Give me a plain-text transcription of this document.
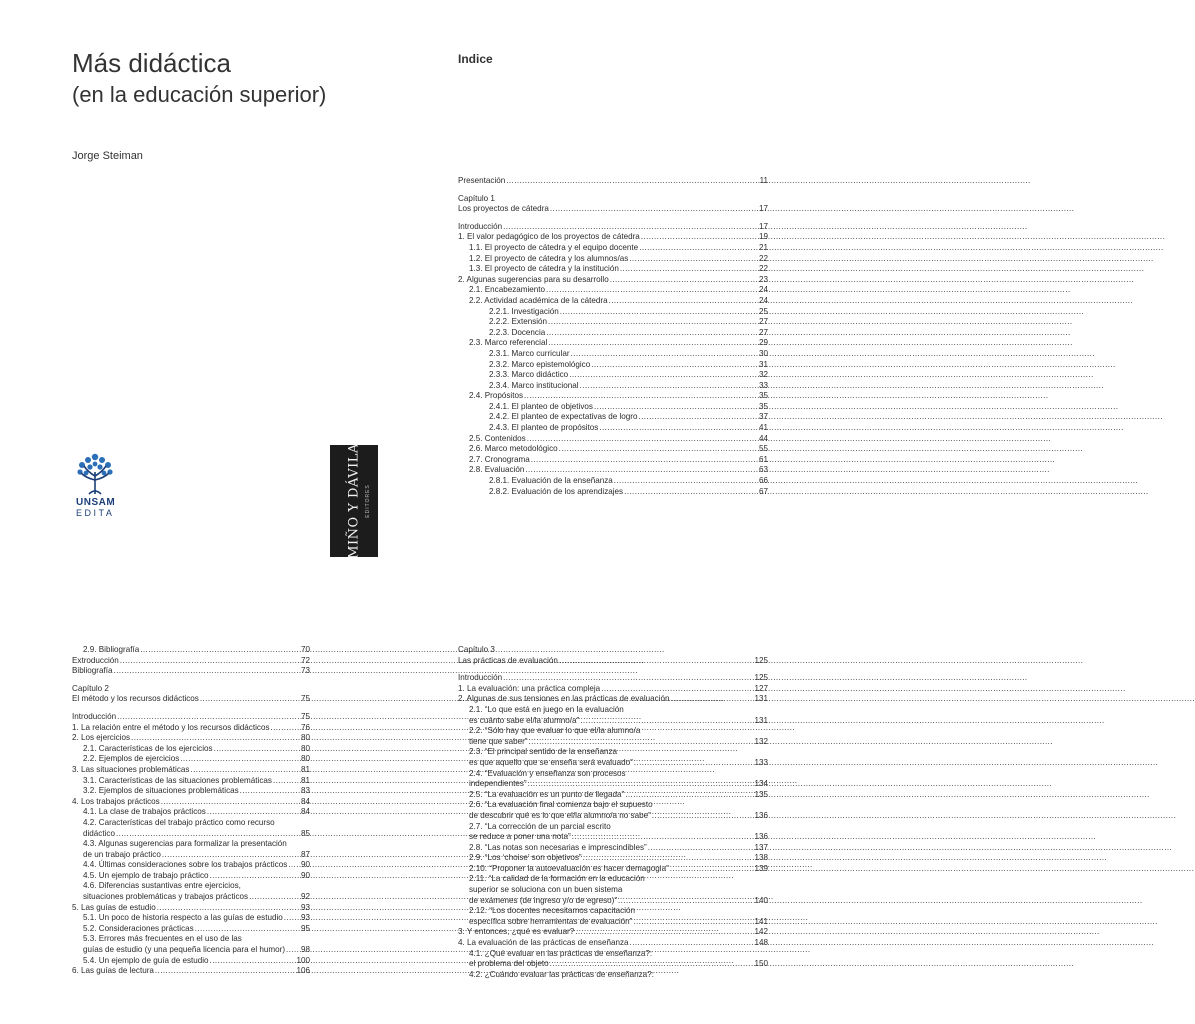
Más didáctica
(en la educación superior)
Jorge Steiman
UNSAM
EDITA	MIÑO Y DÁVILA EDITORES
Indice
Presentación .....	11
Capítulo 1
Los proyectos de cátedra .....	17
Introducción .....	17
1. El valor pedagógico de los proyectos de cátedra .....	19
1.1. El proyecto de cátedra y el equipo docente .....	21
1.2. El proyecto de cátedra y los alumnos/as .....	22
1.3. El proyecto de cátedra y la institución .....	22
2. Algunas sugerencias para su desarrollo .....	23
2.1. Encabezamiento .....	24
2.2. Actividad académica de la cátedra .....	24
2.2.1. Investigación .....	25
2.2.2. Extensión .....	27
2.2.3. Docencia .....	27
2.3. Marco referencial .....	29
2.3.1. Marco curricular .....	30
2.3.2. Marco epistemológico .....	31
2.3.3. Marco didáctico .....	32
2.3.4. Marco institucional .....	33
2.4. Propósitos .....	35
2.4.1. El planteo de objetivos .....	35
2.4.2. El planteo de expectativas de logro .....	37
2.4.3. El planteo de propósitos .....	41
2.5. Contenidos .....	44
2.6. Marco metodológico .....	55
2.7. Cronograma .....	61
2.8. Evaluación .....	63
2.8.1. Evaluación de la enseñanza .....	66
2.8.2. Evaluación de los aprendizajes .....	67
2.9. Bibliografía .....	70
Extroducción .....	72
Bibliografía .....	73
Capítulo 2
El método y los recursos didácticos .....	75
Introducción .....	75
1. La relación entre el método y los recursos didácticos .....	76
2. Los ejercicios .....	80
2.1. Características de los ejercicios .....	80
2.2. Ejemplos de ejercicios .....	80
3. Las situaciones problemáticas .....	81
3.1. Características de las situaciones problemáticas .....	81
3.2. Ejemplos de situaciones problemáticas .....	83
4. Los trabajos prácticos .....	84
4.1. La clase de trabajos prácticos .....	84
4.2. Características del trabajo práctico como recurso
didáctico .....	85
4.3. Algunas sugerencias para formalizar la presentación
de un trabajo práctico .....	87
4.4. Últimas consideraciones sobre los trabajos prácticos ..... 90
4.5. Un ejemplo de trabajo práctico .....	90
4.6. Diferencias sustantivas entre ejercicios,
situaciones problemáticas y trabajos prácticos .....	92
5. Las guías de estudio .....	93
5.1. Un poco de historia respecto a las guías de estudio ..... 93
5.2. Consideraciones prácticas .....	95
5.3. Errores más frecuentes en el uso de las
guías de estudio (y una pequeña licencia para el humor) ..... 98
5.4. Un ejemplo de guía de estudio .....	100
6. Las guías de lectura .....	106
Capítulo 3
Las prácticas de evaluación .....	125
Introducción .....	125
1. La evaluación: una práctica compleja .....	127
2. Algunas de sus tensiones en las prácticas de evaluación .....	131
2.1. “Lo que está en juego en la evaluación
es cuánto sabe el/la alumno/a” .....	131
2.2. “Sólo hay que evaluar lo que el/la alumno/a
tiene que saber” .....	132
2.3. “El principal sentido de la enseñanza
es que aquello que se enseña será evaluado” .....	133
2.4. “Evaluación y enseñanza son procesos
independientes” .....	134
2.5. “La evaluación es un punto de llegada” .....	135
2.6. “La evaluación final comienza bajo el supuesto
de descubrir qué es lo que el/la alumno/a no sabe” .....	136
2.7. “La corrección de un parcial escrito
se reduce a poner una nota” .....	136
2.8. “Las notas son necesarias e imprescindibles” .....	137
2.9. “Los ‘choise’ son objetivos” .....	138
2.10. “Proponer la autoevaluación es hacer demagogia” .....	139
2.11. “La calidad de la formación en la educación
superior se soluciona con un buen sistema
de exámenes (de ingreso y/o de egreso)” .....	140
2.12. “Los docentes necesitamos capacitación
específica sobre herramientas de evaluación” .....	141
3. Y entonces, ¿qué es evaluar? .....	142
4. La evaluación de las prácticas de enseñanza .....	148
4.1. ¿Qué evaluar en las prácticas de enseñanza?:
el problema del objeto .....	150
4.2. ¿Cuándo evaluar las prácticas de enseñanza?:
